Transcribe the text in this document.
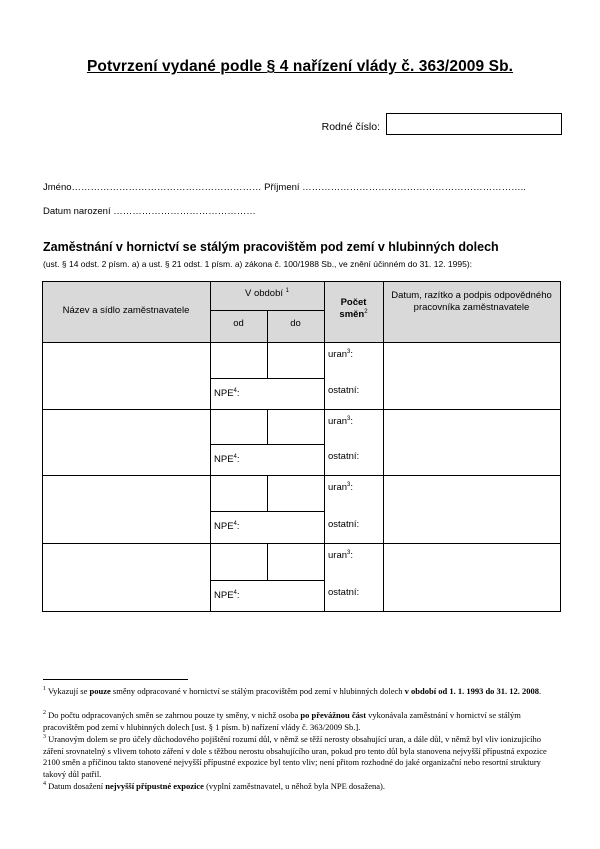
Potvrzení vydané podle § 4 nařízení vlády č. 363/2009 Sb.
Rodné číslo:
Jméno…………………………………………………… Příjmení ……………………………………………………………..
Datum narození ………………………………………
Zaměstnání v hornictví se stálým pracovištěm pod zemí v hlubinných dolech
(ust. § 14 odst. 2 písm. a) a ust. § 21 odst. 1 písm. a) zákona č. 100/1988 Sb., ve znění účinném do 31. 12. 1995):
Název a sídlo zaměstnavatele
V období $^1$
od	do
Počet
směn$^2$
Datum, razítko a podpis odpovědného pracovníka zaměstnavatele
NPE$^4$:
uran$^3$:
ostatní:
NPE$^4$:
uran$^3$:
ostatní:
NPE$^4$:
uran$^3$:
ostatní:
NPE$^4$:
uran$^3$:
ostatní:
$^1$ Vykazují se pouze směny odpracované v hornictví se stálým pracovištěm pod zemí v hlubinných dolech v období od 1. 1. 1993 do 31. 12. 2008.
$^2$ Do počtu odpracovaných směn se zahrnou pouze ty směny, v nichž osoba po převážnou část vykonávala zaměstnání v hornictví se stálým pracovištěm pod zemí v hlubinných dolech [ust. § 1 písm. b) nařízení vlády č. 363/2009 Sb.].
$^3$ Uranovým dolem se pro účely důchodového pojištění rozumí důl, v němž se těží nerosty obsahující uran, a dále důl, v němž byl vliv ionizujícího záření srovnatelný s vlivem tohoto záření v dole s těžbou nerostu obsahujícího uran, pokud pro tento důl byla stanovena nejvyšší přípustná expozice 2100 směn a příčinou takto stanovené nejvyšší přípustné expozice byl tento vliv; není přitom rozhodné do jaké organizační nebo resortní struktury takový důl patřil.
$^4$ Datum dosažení nejvyšší přípustné expozice (vyplní zaměstnavatel, u něhož byla NPE dosažena).
